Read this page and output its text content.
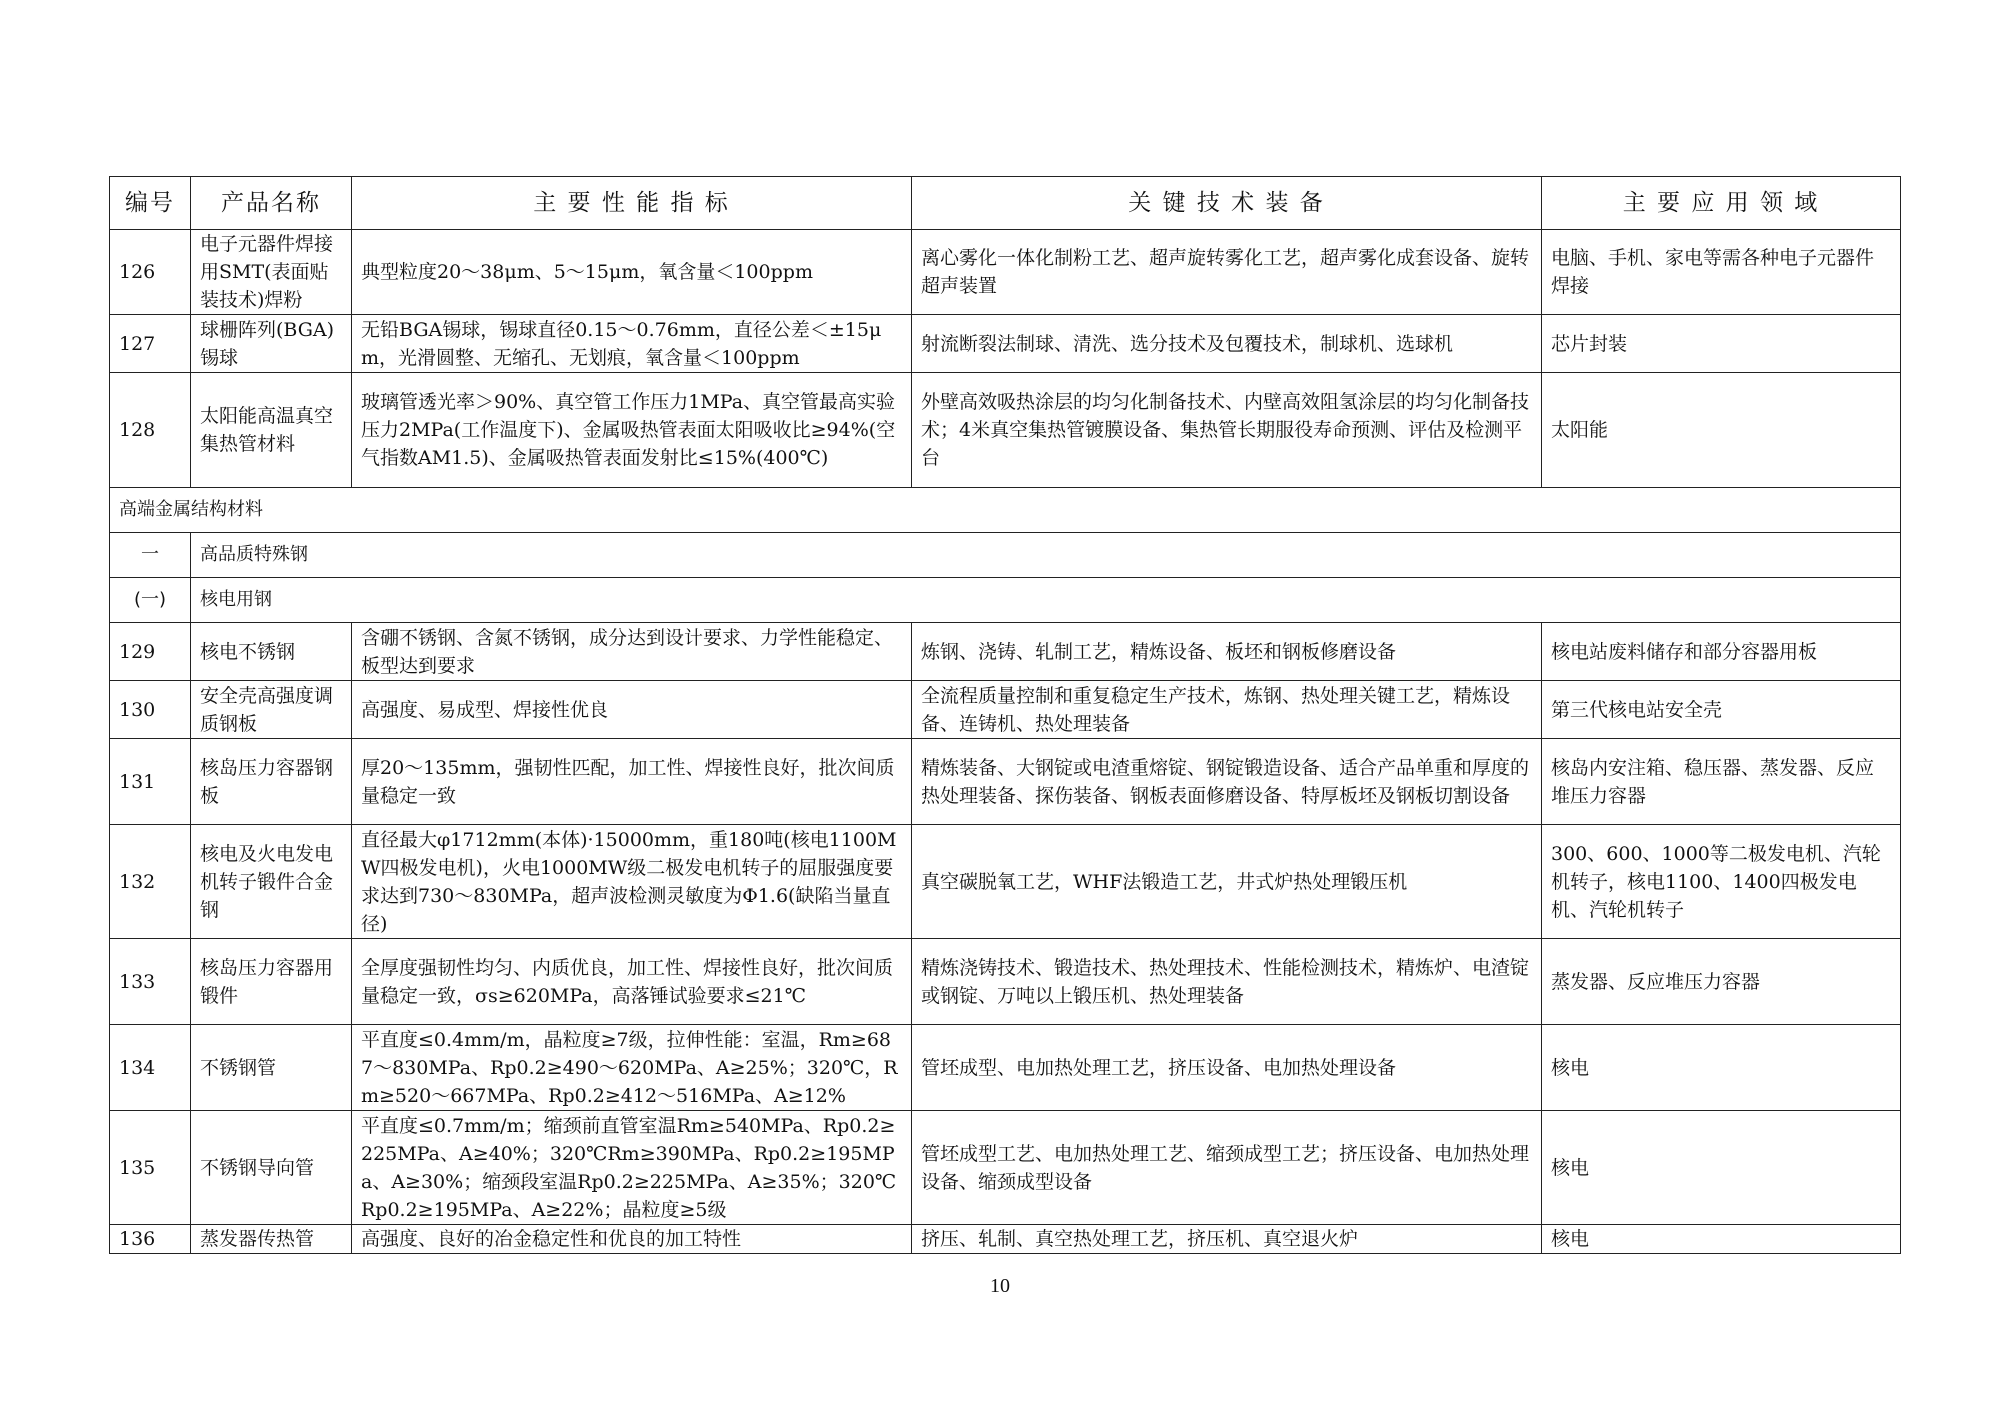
编号	产品名称	主 要 性 能 指 标	关 键 技 术 装 备	主 要 应 用 领 域
126	电子元器件焊接用SMT(表面贴装技术)焊粉	典型粒度20～38μm、5～15μm，氧含量＜100ppm	离心雾化一体化制粉工艺、超声旋转雾化工艺，超声雾化成套设备、旋转超声装置	电脑、手机、家电等需各种电子元器件焊接
127	球栅阵列(BGA)锡球	无铅BGA锡球，锡球直径0.15～0.76mm，直径公差＜±15μm，光滑圆整、无缩孔、无划痕，氧含量＜100ppm	射流断裂法制球、清洗、选分技术及包覆技术，制球机、选球机	芯片封装
128	太阳能高温真空集热管材料	玻璃管透光率＞90%、真空管工作压力1MPa、真空管最高实验压力2MPa(工作温度下)、金属吸热管表面太阳吸收比≥94%(空气指数AM1.5)、金属吸热管表面发射比≤15%(400℃)	外壁高效吸热涂层的均匀化制备技术、内壁高效阻氢涂层的均匀化制备技术；4米真空集热管镀膜设备、集热管长期服役寿命预测、评估及检测平台	太阳能
高端金属结构材料				
一	高品质特殊钢			
(一)	核电用钢			
129	核电不锈钢	含硼不锈钢、含氮不锈钢，成分达到设计要求、力学性能稳定、板型达到要求	炼钢、浇铸、轧制工艺，精炼设备、板坯和钢板修磨设备	核电站废料储存和部分容器用板
130	安全壳高强度调质钢板	高强度、易成型、焊接性优良	全流程质量控制和重复稳定生产技术，炼钢、热处理关键工艺，精炼设备、连铸机、热处理装备	第三代核电站安全壳
131	核岛压力容器钢板	厚20～135mm，强韧性匹配，加工性、焊接性良好，批次间质量稳定一致	精炼装备、大钢锭或电渣重熔锭、钢锭锻造设备、适合产品单重和厚度的热处理装备、探伤装备、钢板表面修磨设备、特厚板坯及钢板切割设备	核岛内安注箱、稳压器、蒸发器、反应堆压力容器
132	核电及火电发电机转子锻件合金钢	直径最大φ1712mm(本体)·15000mm，重180吨(核电1100MW四极发电机)，火电1000MW级二极发电机转子的屈服强度要求达到730～830MPa，超声波检测灵敏度为Φ1.6(缺陷当量直径)	真空碳脱氧工艺，WHF法锻造工艺，井式炉热处理锻压机	300、600、1000等二极发电机、汽轮机转子，核电1100、1400四极发电机、汽轮机转子
133	核岛压力容器用锻件	全厚度强韧性均匀、内质优良，加工性、焊接性良好，批次间质量稳定一致，σs≥620MPa，高落锤试验要求≤21℃	精炼浇铸技术、锻造技术、热处理技术、性能检测技术，精炼炉、电渣锭或钢锭、万吨以上锻压机、热处理装备	蒸发器、反应堆压力容器
134	不锈钢管	平直度≤0.4mm/m，晶粒度≥7级，拉伸性能：室温，Rm≥687～830MPa、Rp0.2≥490～620MPa、A≥25%；320℃，Rm≥520～667MPa、Rp0.2≥412～516MPa、A≥12%	管坯成型、电加热处理工艺，挤压设备、电加热处理设备	核电
135	不锈钢导向管	平直度≤0.7mm/m；缩颈前直管室温Rm≥540MPa、Rp0.2≥225MPa、A≥40%；320℃Rm≥390MPa、Rp0.2≥195MPa、A≥30%；缩颈段室温Rp0.2≥225MPa、A≥35%；320℃Rp0.2≥195MPa、A≥22%；晶粒度≥5级	管坯成型工艺、电加热处理工艺、缩颈成型工艺；挤压设备、电加热处理设备、缩颈成型设备	核电
136	蒸发器传热管	高强度、良好的冶金稳定性和优良的加工特性	挤压、轧制、真空热处理工艺，挤压机、真空退火炉	核电
10
